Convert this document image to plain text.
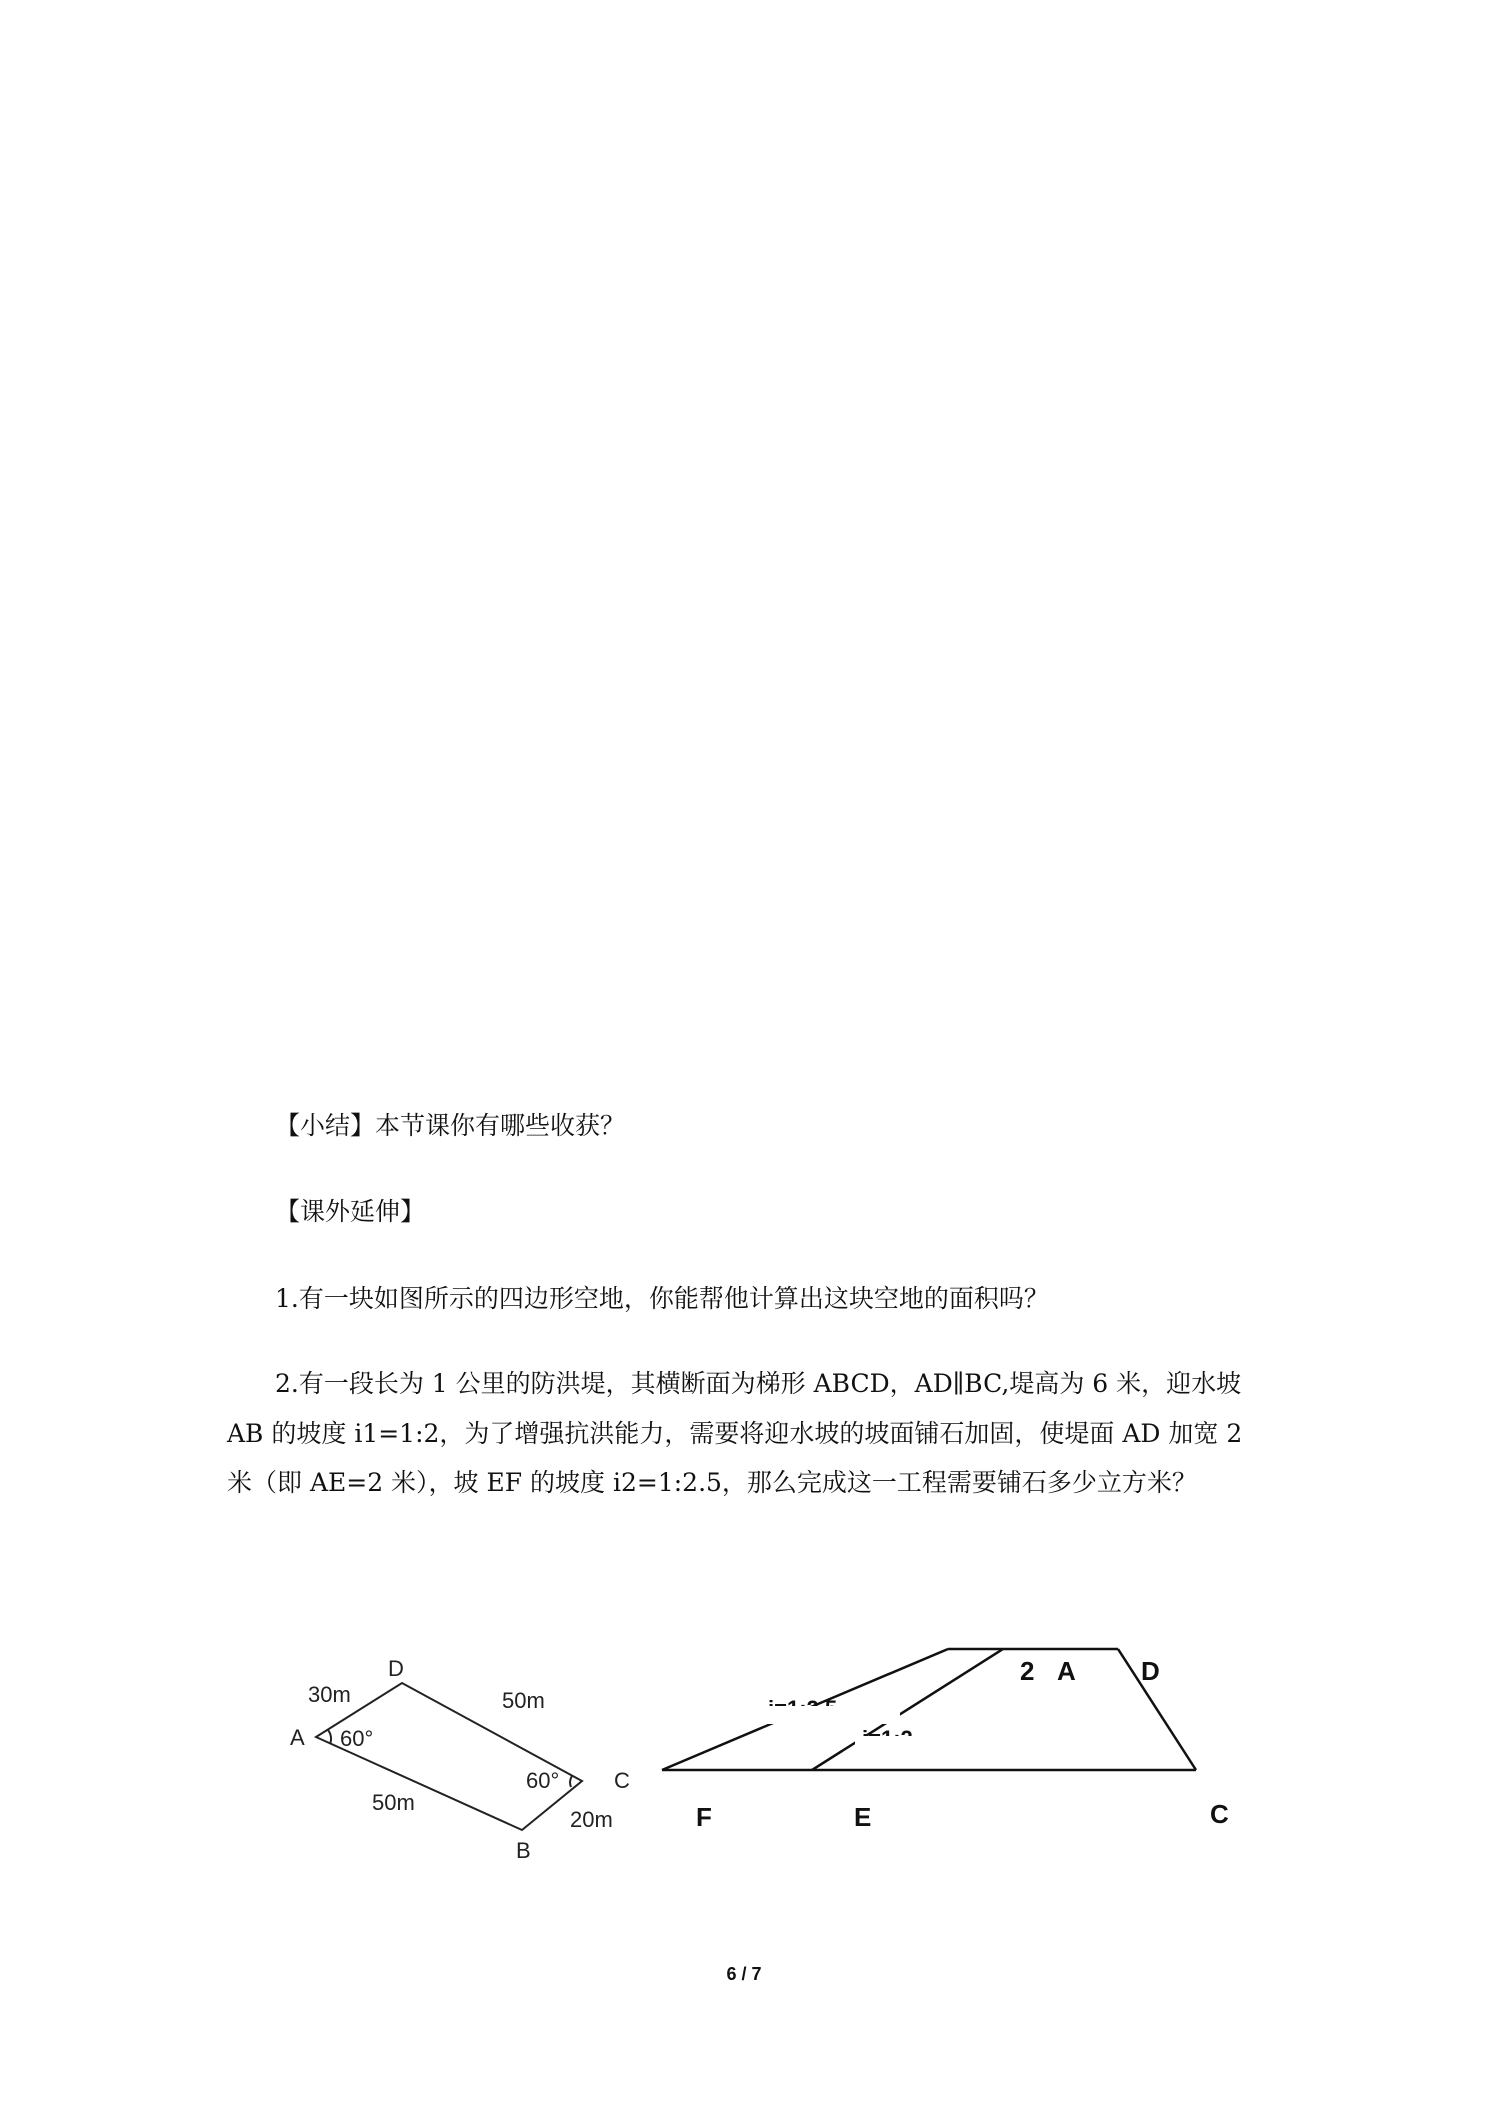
【小结】本节课你有哪些收获？
【课外延伸】
1.有一块如图所示的四边形空地，你能帮他计算出这块空地的面积吗？
2.有一段长为 1 公里的防洪堤，其横断面为梯形 ABCD，AD∥BC,堤高为 6 米，迎水坡
AB 的坡度 i1=1:2，为了增强抗洪能力，需要将迎水坡的坡面铺石加固，使堤面 AD 加宽 2
米（即 AE=2 米），坡 EF 的坡度 i2=1:2.5，那么完成这一工程需要铺石多少立方米？
A
B
C
D
30m	50m
50m
20m
60°
60°
2 A	D
F	E	C
6 / 7
